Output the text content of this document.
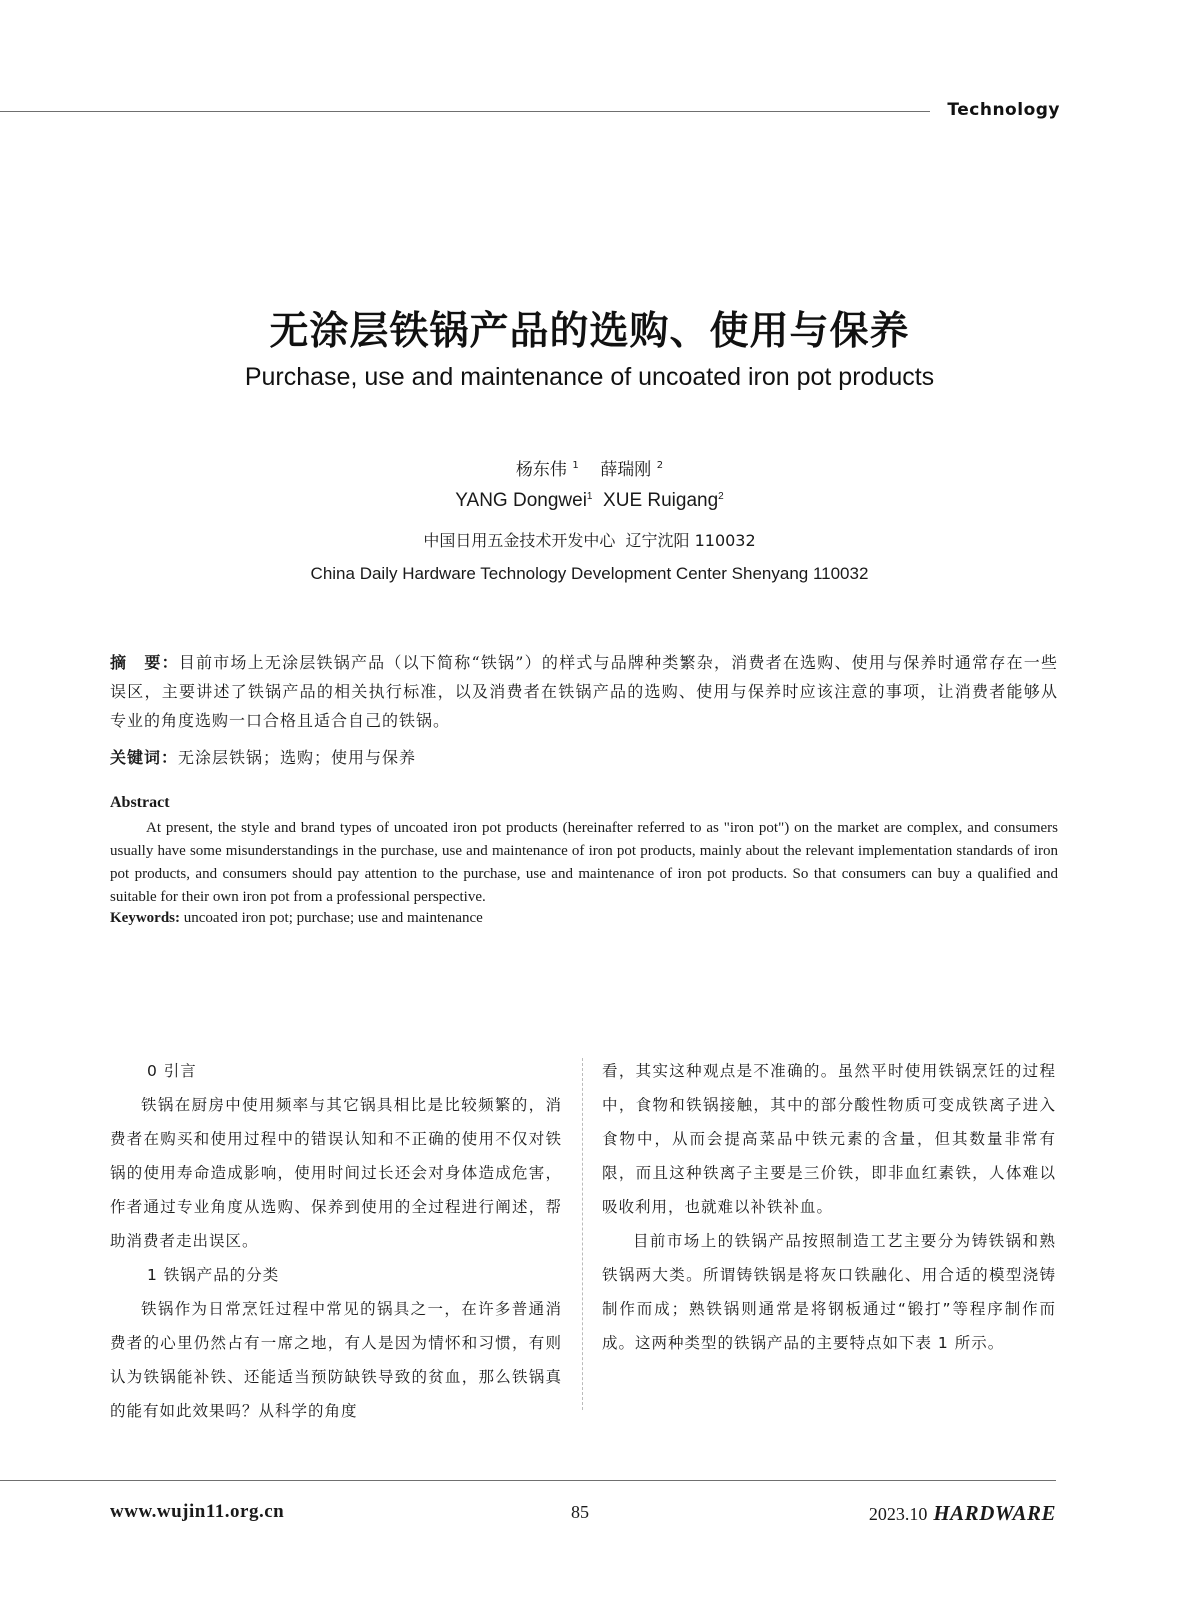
Technology
无涂层铁锅产品的选购、使用与保养
Purchase, use and maintenance of uncoated iron pot products
杨东伟 $^1$ 薛瑞刚 $^2$
YANG Dongwei$^1$ XUE Ruigang$^2$
中国日用五金技术开发中心  辽宁沈阳 110032
China Daily Hardware Technology Development Center Shenyang 110032
摘　要：目前市场上无涂层铁锅产品（以下简称“铁锅”）的样式与品牌种类繁杂，消费者在选购、使用与保养时通常存在一些误区，主要讲述了铁锅产品的相关执行标准，以及消费者在铁锅产品的选购、使用与保养时应该注意的事项，让消费者能够从专业的角度选购一口合格且适合自己的铁锅。
关键词：无涂层铁锅；选购；使用与保养
Abstract
At present, the style and brand types of uncoated iron pot products (hereinafter referred to as "iron pot") on the market are complex, and consumers usually have some misunderstandings in the purchase, use and maintenance of iron pot products, mainly about the relevant implementation standards of iron pot products, and consumers should pay attention to the purchase, use and maintenance of iron pot products. So that consumers can buy a qualified and suitable for their own iron pot from a professional perspective.
Keywords: uncoated iron pot; purchase; use and maintenance

0 引言

铁锅在厨房中使用频率与其它锅具相比是比较频繁的，消费者在购买和使用过程中的错误认知和不正确的使用不仅对铁锅的使用寿命造成影响，使用时间过长还会对身体造成危害，作者通过专业角度从选购、保养到使用的全过程进行阐述，帮助消费者走出误区。

1 铁锅产品的分类

铁锅作为日常烹饪过程中常见的锅具之一，在许多普通消费者的心里仍然占有一席之地，有人是因为情怀和习惯，有则认为铁锅能补铁、还能适当预防缺铁导致的贫血，那么铁锅真的能有如此效果吗？从科学的角度

看，其实这种观点是不准确的。虽然平时使用铁锅烹饪的过程中，食物和铁锅接触，其中的部分酸性物质可变成铁离子进入食物中，从而会提高菜品中铁元素的含量，但其数量非常有限，而且这种铁离子主要是三价铁，即非血红素铁，人体难以吸收利用，也就难以补铁补血。

目前市场上的铁锅产品按照制造工艺主要分为铸铁锅和熟铁锅两大类。所谓铸铁锅是将灰口铁融化、用合适的模型浇铸制作而成；熟铁锅则通常是将钢板通过“锻打”等程序制作而成。这两种类型的铁锅产品的主要特点如下表 1 所示。

www.wujin11.org.cn	85	2023.10 HARDWARE
